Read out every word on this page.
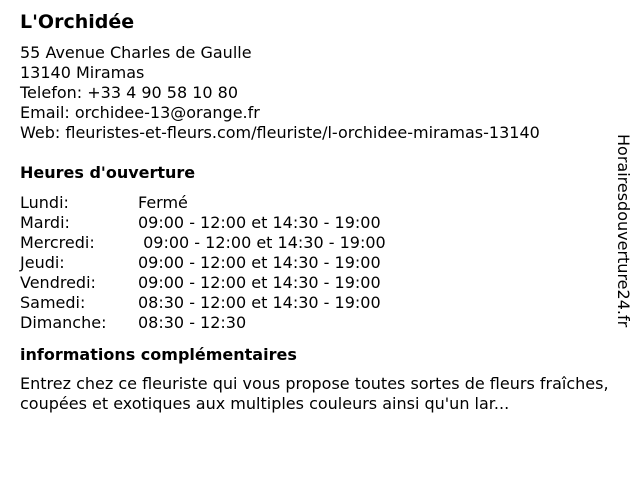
L'Orchidée
55 Avenue Charles de Gaulle
13140 Miramas
Telefon: +33 4 90 58 10 80
Email: orchidee-13@orange.fr
Web: fleuristes-et-fleurs.com/fleuriste/l-orchidee-miramas-13140
Heures d'ouverture
Lundi:	Fermé
Mardi:	09:00 - 12:00 et 14:30 - 19:00
Mercredi:	09:00 - 12:00 et 14:30 - 19:00
Jeudi:	09:00 - 12:00 et 14:30 - 19:00
Vendredi:	09:00 - 12:00 et 14:30 - 19:00
Samedi:	08:30 - 12:00 et 14:30 - 19:00
Dimanche:	08:30 - 12:30
informations complémentaires
Entrez chez ce fleuriste qui vous propose toutes sortes de fleurs fraîches, coupées et exotiques aux multiples couleurs ainsi qu'un lar...
Horairesdouverture24.fr
